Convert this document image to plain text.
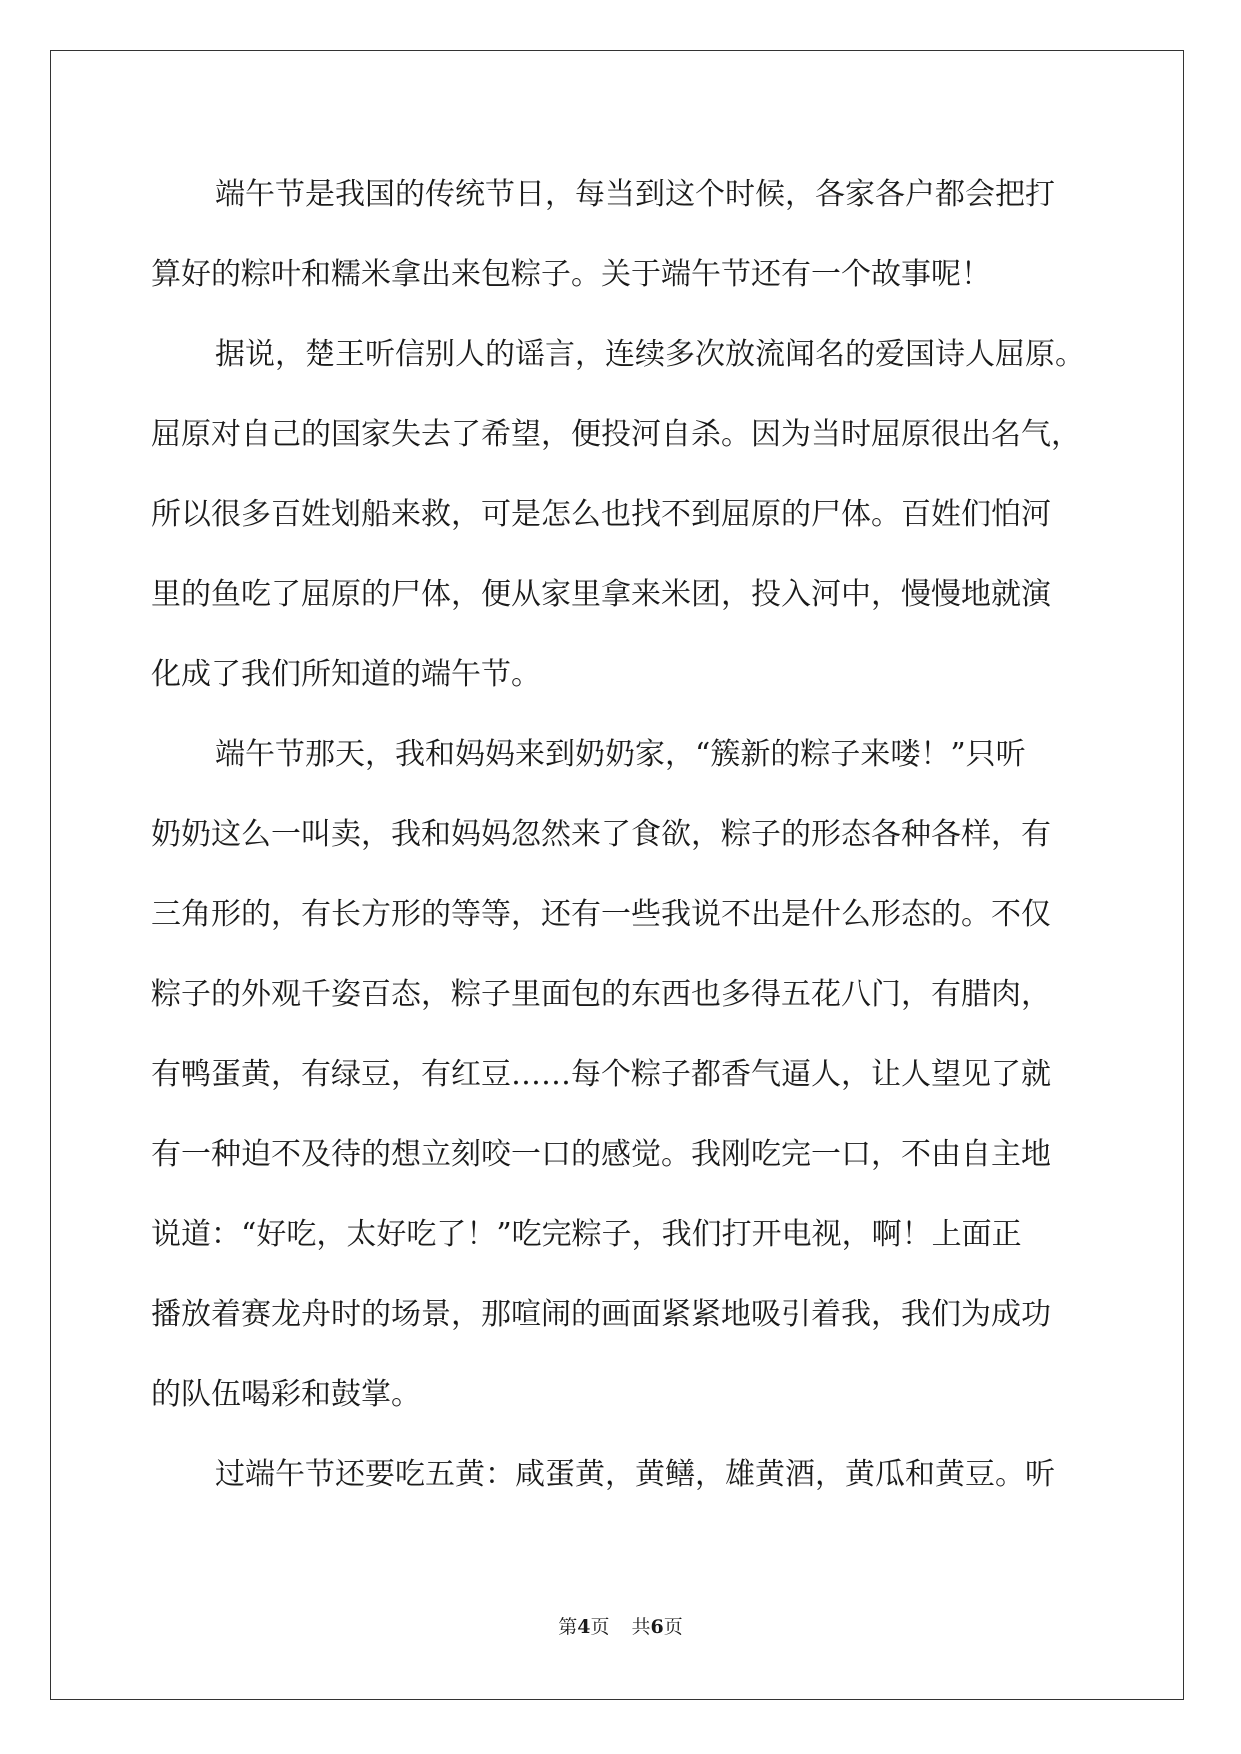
端午节是我国的传统节日，每当到这个时候，各家各户都会把打
算好的粽叶和糯米拿出来包粽子。关于端午节还有一个故事呢！
据说，楚王听信别人的谣言，连续多次放流闻名的爱国诗人屈原。
屈原对自己的国家失去了希望，便投河自杀。因为当时屈原很出名气，
所以很多百姓划船来救，可是怎么也找不到屈原的尸体。百姓们怕河
里的鱼吃了屈原的尸体，便从家里拿来米团，投入河中，慢慢地就演
化成了我们所知道的端午节。
端午节那天，我和妈妈来到奶奶家，“簇新的粽子来喽！”只听
奶奶这么一叫卖，我和妈妈忽然来了食欲，粽子的形态各种各样，有
三角形的，有长方形的等等，还有一些我说不出是什么形态的。不仅
粽子的外观千姿百态，粽子里面包的东西也多得五花八门，有腊肉，
有鸭蛋黄，有绿豆，有红豆……每个粽子都香气逼人，让人望见了就
有一种迫不及待的想立刻咬一口的感觉。我刚吃完一口，不由自主地
说道：“好吃，太好吃了！”吃完粽子，我们打开电视，啊！上面正
播放着赛龙舟时的场景，那喧闹的画面紧紧地吸引着我，我们为成功
的队伍喝彩和鼓掌。
过端午节还要吃五黄：咸蛋黄，黄鳝，雄黄酒，黄瓜和黄豆。听
第4页 共6页
